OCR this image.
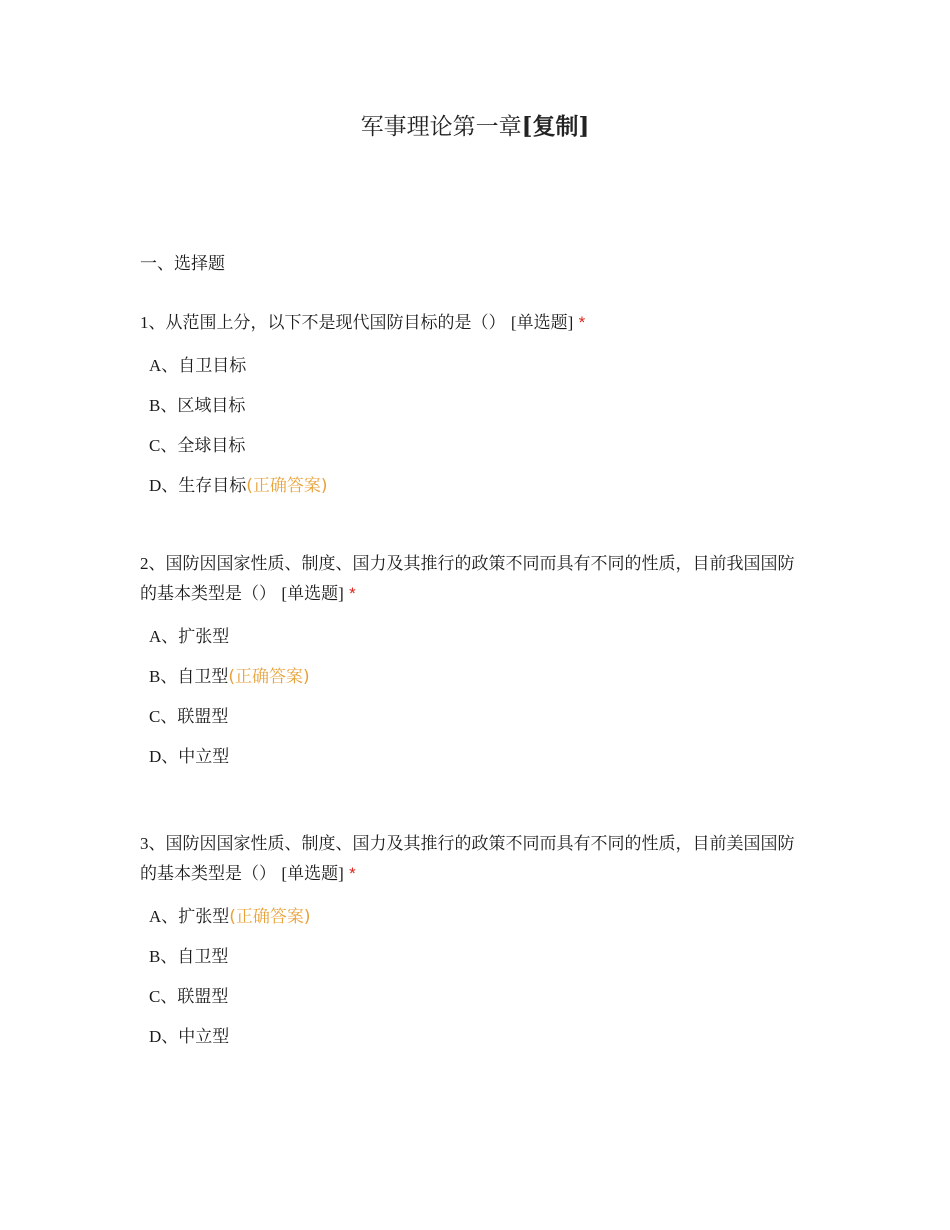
军事理论第一章[复制]
一、选择题

1、从范围上分，以下不是现代国防目标的是（） [单选题] *

A、自卫目标
B、区域目标
C、全球目标
D、生存目标(正确答案)

2、国防因国家性质、制度、国力及其推行的政策不同而具有不同的性质，目前我国国防的基本类型是（） [单选题] *

A、扩张型
B、自卫型(正确答案)
C、联盟型
D、中立型

3、国防因国家性质、制度、国力及其推行的政策不同而具有不同的性质，目前美国国防的基本类型是（） [单选题] *

A、扩张型(正确答案)
B、自卫型
C、联盟型
D、中立型
